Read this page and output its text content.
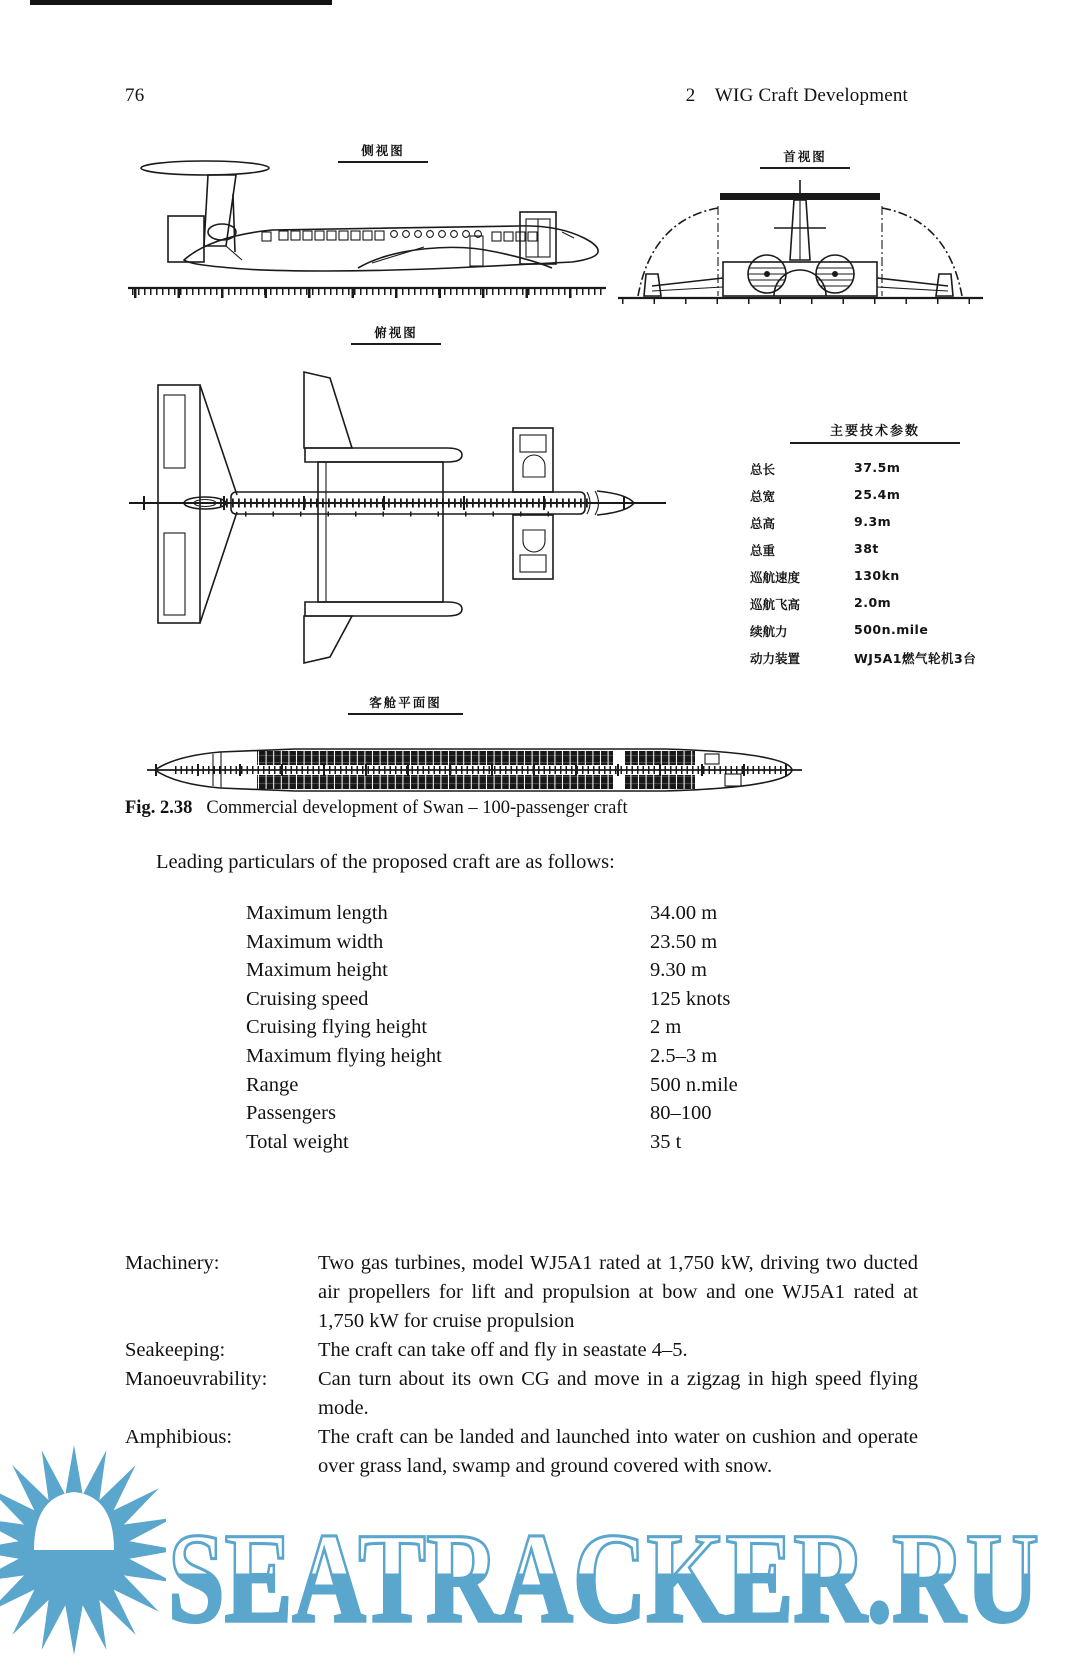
76	2    WIG Craft Development
侧视图	首视图
俯视图
主要技术参数
总长	37.5m
总宽	25.4m
总高	9.3m
总重	38t
巡航速度	130kn
巡航飞高	2.0m
续航力	500n.mile
动力装置	WJ5A1燃气轮机3台
客舱平面图
Fig. 2.38 Commercial development of Swan – 100-passenger craft
Leading particulars of the proposed craft are as follows:
Maximum length	34.00 m
Maximum width	23.50 m
Maximum height	9.30 m
Cruising speed	125 knots
Cruising flying height	2 m
Maximum flying height	2.5–3 m
Range	500 n.mile
Passengers	80–100
Total weight	35 t
Machinery:	Two gas turbines, model WJ5A1 rated at 1,750 kW, driving two ducted air propellers for lift and propulsion at bow and one WJ5A1 rated at 1,750 kW for cruise propulsion
Seakeeping:	The craft can take off and fly in seastate 4–5.
Manoeuvrability:	Can turn about its own CG and move in a zigzag in high speed flying mode.
Amphibious:	The craft can be landed and launched into water on cushion and operate over grass land, swamp and ground covered with snow.
SEATRACKER.RU
